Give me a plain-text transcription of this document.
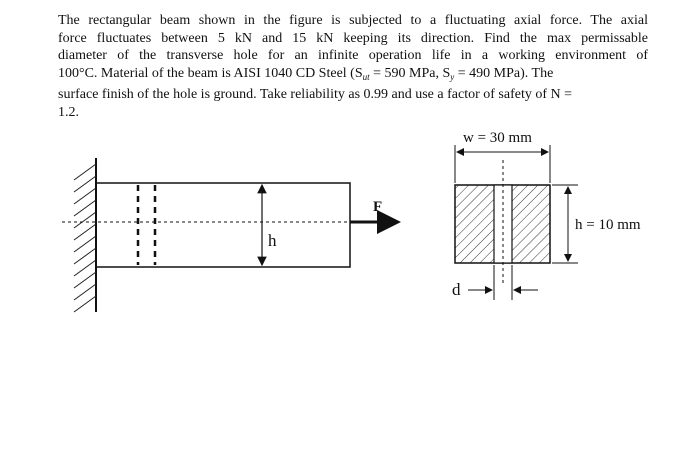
The rectangular beam shown in the figure is subjected to a fluctuating axial force. The axial
force fluctuates between 5 kN and 15 kN keeping its direction. Find the max permissable
diameter of the transverse hole for an infinite operation life in a working environment of
100°C. Material of the beam is AISI 1040 CD Steel ($S_{ut} = 590$ MPa, $S_y = 490$ MPa). The
surface finish of the hole is ground. Take reliability as 0.99 and use a factor of safety of N =
1.2.
F
h
w = 30 mm
h = 10 mm
d
